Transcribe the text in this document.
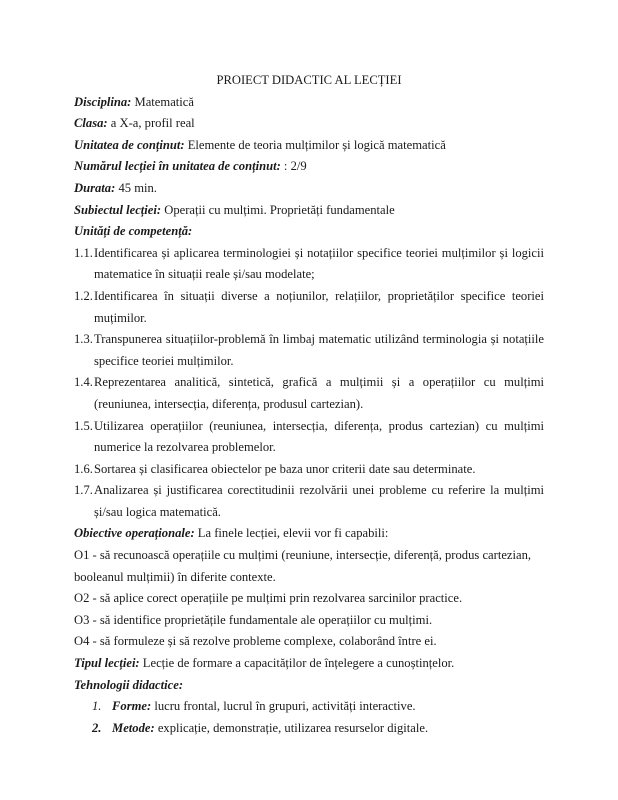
PROIECT DIDACTIC AL LECȚIEI
Disciplina: Matematică
Clasa: a X-a, profil real
Unitatea de conținut: Elemente de teoria mulțimilor și logică matematică
Numărul lecției în unitatea de conținut: : 2/9
Durata: 45 min.
Subiectul lecției: Operații cu mulțimi. Proprietăți fundamentale
Unități de competență:
1.1. Identificarea și aplicarea terminologiei și notațiilor specifice teoriei mulțimilor și logicii matematice în situații reale și/sau modelate;
1.2. Identificarea în situații diverse a noțiunilor, relațiilor, proprietăților specifice teoriei muțimilor.
1.3. Transpunerea situațiilor-problemă în limbaj matematic utilizând terminologia și notațiile specifice teoriei mulțimilor.
1.4. Reprezentarea analitică, sintetică, grafică a mulțimii și a operațiilor cu mulțimi (reuniunea, intersecția, diferența, produsul cartezian).
1.5. Utilizarea operațiilor (reuniunea, intersecția, diferența, produs cartezian) cu mulțimi numerice la rezolvarea problemelor.
1.6. Sortarea și clasificarea obiectelor pe baza unor criterii date sau determinate.
1.7. Analizarea și justificarea corectitudinii rezolvării unei probleme cu referire la mulțimi și/sau logica matematică.
Obiective operaționale: La finele lecției, elevii vor fi capabili:
O1 - să recunoască operațiile cu mulțimi (reuniune, intersecție, diferență, produs cartezian,
booleanul mulțimii) în diferite contexte.
O2 - să aplice corect operațiile pe mulțimi prin rezolvarea sarcinilor practice.
O3 - să identifice proprietățile fundamentale ale operațiilor cu mulțimi.
O4 - să formuleze și să rezolve probleme complexe, colaborând între ei.
Tipul lecției: Lecție de formare a capacităților de înțelegere a cunoștințelor.
Tehnologii didactice:
1. Forme: lucru frontal, lucrul în grupuri, activități interactive.
2. Metode: explicație, demonstrație, utilizarea resurselor digitale.
